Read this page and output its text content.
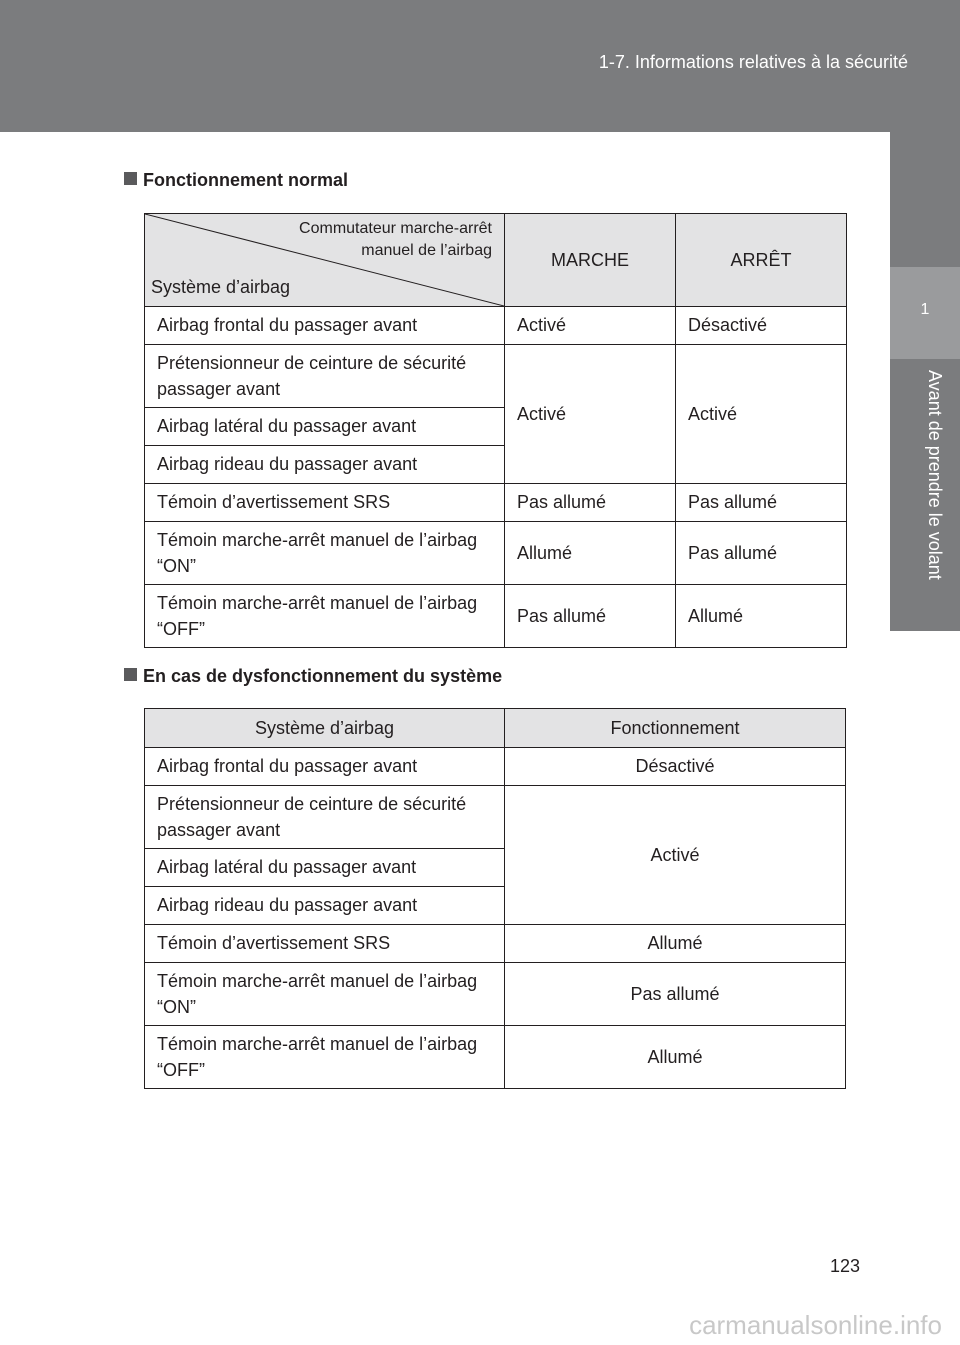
1-7. Informations relatives à la sécurité
1
Avant de prendre le volant
Fonctionnement normal
Commutateur marche-arrêt
manuel de l’airbag
Système d’airbag	MARCHE	ARRÊT
Airbag frontal du passager avant	Activé	Désactivé
Prétensionneur de ceinture de sécurité passager avant	Activé	Activé
Airbag latéral du passager avant		
Airbag rideau du passager avant		
Témoin d’avertissement SRS	Pas allumé	Pas allumé
Témoin marche-arrêt manuel de l’airbag “ON”	Allumé	Pas allumé
Témoin marche-arrêt manuel de l’airbag “OFF”	Pas allumé	Allumé
En cas de dysfonctionnement du système
Système d’airbag	Fonctionnement
Airbag frontal du passager avant	Désactivé
Prétensionneur de ceinture de sécurité passager avant	Activé
Airbag latéral du passager avant	
Airbag rideau du passager avant	
Témoin d’avertissement SRS	Allumé
Témoin marche-arrêt manuel de l’airbag “ON”	Pas allumé
Témoin marche-arrêt manuel de l’airbag “OFF”	Allumé
123
carmanualsonline.info
